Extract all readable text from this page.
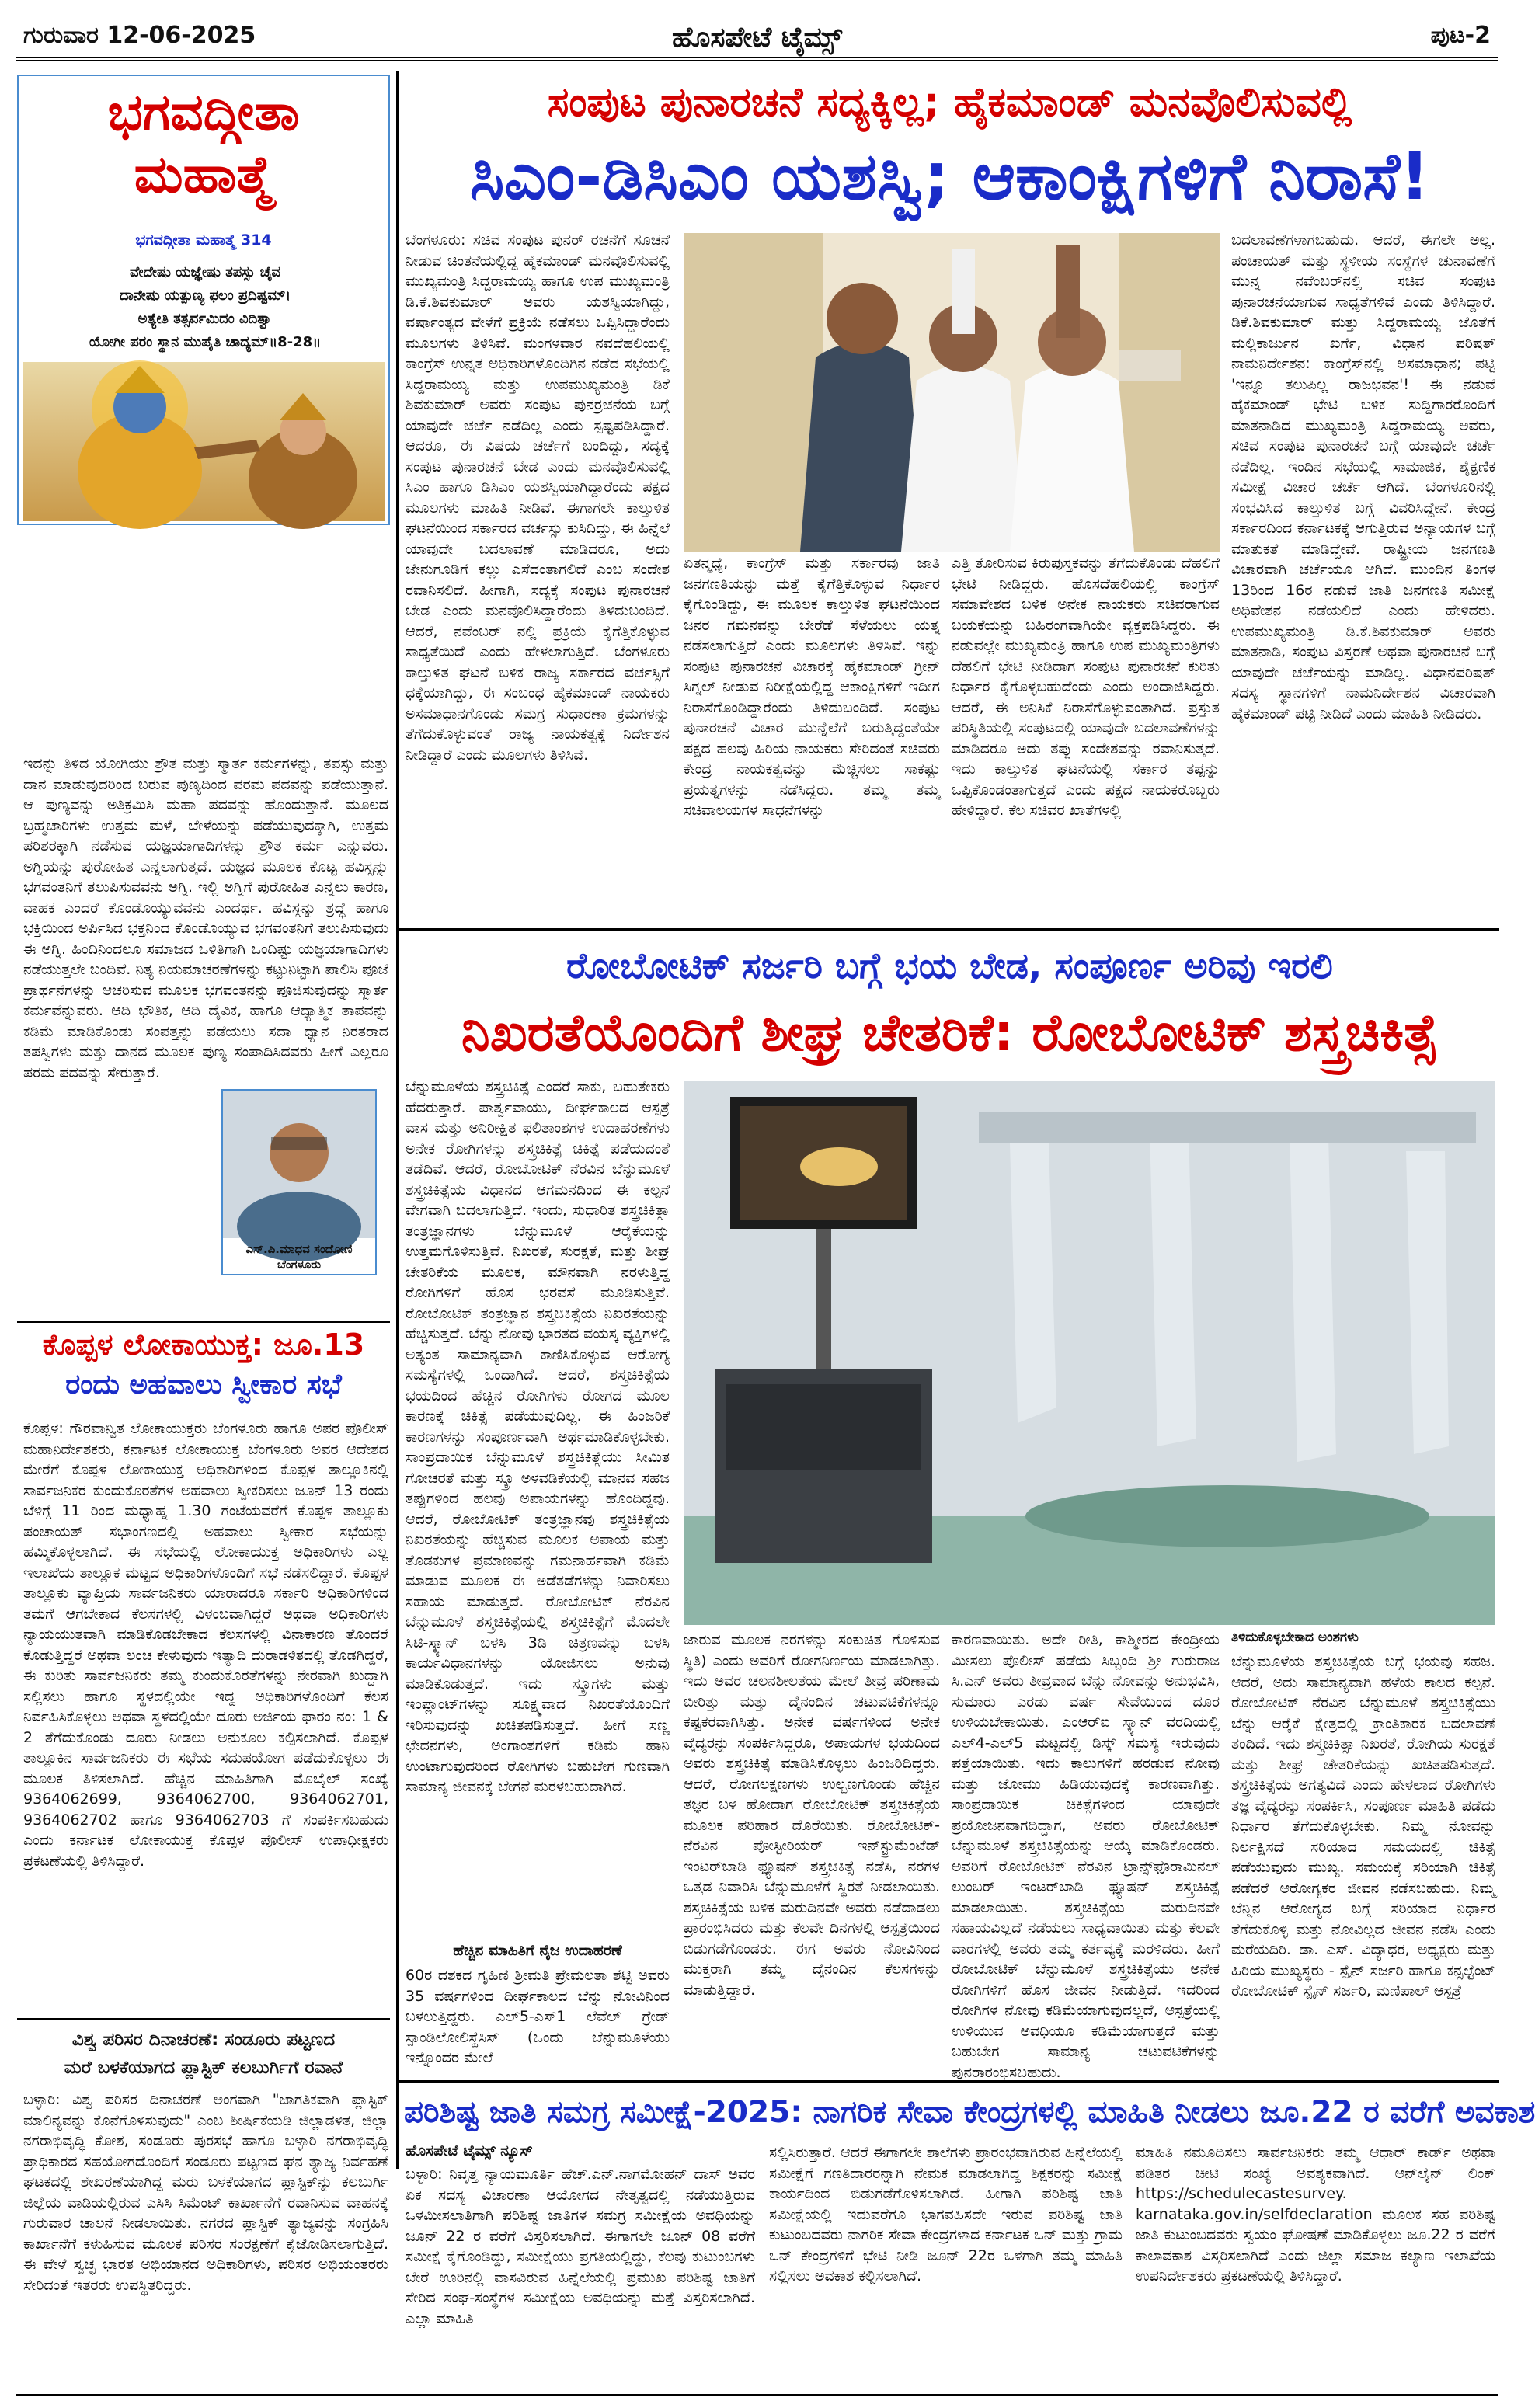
ಗುರುವಾರ 12-06-2025	ಹೊಸಪೇಟೆ ಟೈಮ್ಸ್	ಪುಟ-2
ಭಗವದ್ಗೀತಾ
ಮಹಾತ್ಮೆ
ಭಗವದ್ಗೀತಾ ಮಹಾತ್ಮೆ 314
ವೇದೇಷು ಯಜ್ಞೇಷು ತಪಸ್ಸು ಚೈವ
ದಾನೇಷು ಯತ್ಪುಣ್ಯ ಫಲಂ ಪ್ರದಿಷ್ಟಮ್।
ಅತ್ಯೇತಿ ತತ್ಸರ್ವಮಿದಂ ವಿದಿತ್ವಾ
ಯೋಗೀ ಪರಂ ಸ್ಥಾನ ಮುಪೈತಿ ಚಾದ್ಯಮ್॥8-28॥
ಇದನ್ನು ತಿಳಿದ ಯೋಗಿಯು ಶ್ರೌತ ಮತ್ತು ಸ್ಮಾರ್ತ ಕರ್ಮಗಳನ್ನು, ತಪಸ್ಸು ಮತ್ತು ದಾನ ಮಾಡುವುದರಿಂದ ಬರುವ ಪುಣ್ಯದಿಂದ ಪರಮ ಪದವನ್ನು ಪಡೆಯುತ್ತಾನೆ. ಆ ಪುಣ್ಯವನ್ನು ಅತಿಕ್ರಮಿಸಿ ಮಹಾ ಪದವನ್ನು ಹೊಂದುತ್ತಾನೆ. ಮೂಲದ ಬ್ರಹ್ಮಚಾರಿಗಳು ಉತ್ತಮ ಮಳೆ, ಬೇಳೆಯನ್ನು ಪಡೆಯುವುದಕ್ಕಾಗಿ, ಉತ್ತಮ ಪರಿಶರಕ್ಕಾಗಿ ನಡೆಸುವ ಯಜ್ಞಯಾಗಾದಿಗಳನ್ನು ಶ್ರೌತ ಕರ್ಮ ಎನ್ನುವರು. ಅಗ್ನಿಯನ್ನು ಪುರೋಹಿತ ಎನ್ನಲಾಗುತ್ತದೆ. ಯಜ್ಞದ ಮೂಲಕ ಕೊಟ್ಟ ಹವಿಸ್ಸನ್ನು ಭಗವಂತನಿಗೆ ತಲುಪಿಸುವವನು ಅಗ್ನಿ. ಇಲ್ಲಿ ಅಗ್ನಿಗೆ ಪುರೋಹಿತ ಎನ್ನಲು ಕಾರಣ, ವಾಹಕ ಎಂದರೆ ಕೊಂಡೊಯ್ಯುವವನು ಎಂದರ್ಥ. ಹವಿಸ್ಸನ್ನು ಶ್ರದ್ಧೆ ಹಾಗೂ ಭಕ್ತಿಯಿಂದ ಅರ್ಪಿಸಿದ ಭಕ್ತನಿಂದ ಕೊಂಡೊಯ್ಯುವ ಭಗವಂತನಿಗೆ ತಲುಪಿಸುವುದು ಈ ಅಗ್ನಿ. ಹಿಂದಿನಿಂದಲೂ ಸಮಾಜದ ಒಳಿತಿಗಾಗಿ ಒಂದಿಷ್ಟು ಯಜ್ಞಯಾಗಾದಿಗಳು ನಡೆಯುತ್ತಲೇ ಬಂದಿವೆ. ನಿತ್ಯ ನಿಯಮಾಚರಣೆಗಳನ್ನು ಕಟ್ಟುನಿಟ್ಟಾಗಿ ಪಾಲಿಸಿ ಪೂಜೆ ಪ್ರಾರ್ಥನೆಗಳನ್ನು ಆಚರಿಸುವ ಮೂಲಕ ಭಗವಂತನನ್ನು ಪೂಜಿಸುವುದನ್ನು ಸ್ಮಾರ್ತ ಕರ್ಮವೆನ್ನುವರು. ಆದಿ ಭೌತಿಕ, ಆದಿ ದೈವಿಕ, ಹಾಗೂ ಆಧ್ಯಾತ್ಮಿಕ ತಾಪವನ್ನು ಕಡಿಮೆ ಮಾಡಿಕೊಂಡು ಸಂಪತ್ತನ್ನು ಪಡೆಯಲು ಸದಾ ಧ್ಯಾನ ನಿರತರಾದ ತಪಸ್ವಿಗಳು ಮತ್ತು ದಾನದ ಮೂಲಕ ಪುಣ್ಯ ಸಂಪಾದಿಸಿದವರು ಹೀಗೆ ಎಲ್ಲರೂ ಪರಮ ಪದವನ್ನು ಸೇರುತ್ತಾರೆ.
ಎಸ್.ಪಿ.ಮಾಧವ ಸಂದೋಣಿ
ಬೆಂಗಳೂರು
ಕೊಪ್ಪಳ ಲೋಕಾಯುಕ್ತ: ಜೂ.13
ರಂದು ಅಹವಾಲು ಸ್ವೀಕಾರ ಸಭೆ
ಕೊಪ್ಪಳ: ಗೌರವಾನ್ವಿತ ಲೋಕಾಯುಕ್ತರು ಬೆಂಗಳೂರು ಹಾಗೂ ಅಪರ ಪೊಲೀಸ್ ಮಹಾನಿರ್ದೇಶಕರು, ಕರ್ನಾಟಕ ಲೋಕಾಯುಕ್ತ ಬೆಂಗಳೂರು ಅವರ ಆದೇಶದ ಮೇರೆಗೆ ಕೊಪ್ಪಳ ಲೋಕಾಯುಕ್ತ ಅಧಿಕಾರಿಗಳಿಂದ ಕೊಪ್ಪಳ ತಾಲ್ಲೂಕಿನಲ್ಲಿ ಸಾರ್ವಜನಿಕರ ಕುಂದುಕೊರತೆಗಳ ಅಹವಾಲು ಸ್ವೀಕರಿಸಲು ಜೂನ್ 13 ರಂದು ಬೆಳಿಗ್ಗೆ 11 ರಿಂದ ಮಧ್ಯಾಹ್ನ 1.30 ಗಂಟೆಯವರೆಗೆ ಕೊಪ್ಪಳ ತಾಲ್ಲೂಕು ಪಂಚಾಯತ್ ಸಭಾಂಗಣದಲ್ಲಿ ಅಹವಾಲು ಸ್ವೀಕಾರ ಸಭೆಯನ್ನು ಹಮ್ಮಿಕೊಳ್ಳಲಾಗಿದೆ. ಈ ಸಭೆಯಲ್ಲಿ ಲೋಕಾಯುಕ್ತ ಅಧಿಕಾರಿಗಳು ಎಲ್ಲ ಇಲಾಖೆಯ ತಾಲ್ಲೂಕ ಮಟ್ಟದ ಅಧಿಕಾರಿಗಳೊಂದಿಗೆ ಸಭೆ ನಡೆಸಲಿದ್ದಾರೆ. ಕೊಪ್ಪಳ ತಾಲ್ಲೂಕು ವ್ಯಾಪ್ತಿಯ ಸಾರ್ವಜನಿಕರು ಯಾರಾದರೂ ಸರ್ಕಾರಿ ಅಧಿಕಾರಿಗಳಿಂದ ತಮಗೆ ಆಗಬೇಕಾದ ಕೆಲಸಗಳಲ್ಲಿ ವಿಳಂಬವಾಗಿದ್ದರೆ ಅಥವಾ ಅಧಿಕಾರಿಗಳು ನ್ಯಾಯಯುತವಾಗಿ ಮಾಡಿಕೊಡಬೇಕಾದ ಕೆಲಸಗಳಲ್ಲಿ ವಿನಾಕಾರಣ ತೊಂದರೆ ಕೊಡುತ್ತಿದ್ದರೆ ಅಥವಾ ಲಂಚ ಕೇಳುವುದು ಇತ್ಯಾದಿ ದುರಾಡಳಿತದಲ್ಲಿ ತೊಡಗಿದ್ದರೆ, ಈ ಕುರಿತು ಸಾರ್ವಜನಿಕರು ತಮ್ಮ ಕುಂದುಕೊರತೆಗಳನ್ನು ನೇರವಾಗಿ ಖುದ್ದಾಗಿ ಸಲ್ಲಿಸಲು ಹಾಗೂ ಸ್ಥಳದಲ್ಲಿಯೇ ಇದ್ದ ಅಧಿಕಾರಿಗಳೊಂದಿಗೆ ಕೆಲಸ ನಿರ್ವಹಿಸಿಕೊಳ್ಳಲು ಅಥವಾ ಸ್ಥಳದಲ್ಲಿಯೇ ದೂರು ಅರ್ಜಿಯ ಫಾರಂ ನಂ: 1 & 2 ತೆಗೆದುಕೊಂಡು ದೂರು ನೀಡಲು ಅನುಕೂಲ ಕಲ್ಪಿಸಲಾಗಿದೆ. ಕೊಪ್ಪಳ ತಾಲ್ಲೂಕಿನ ಸಾರ್ವಜನಿಕರು ಈ ಸಭೆಯ ಸದುಪಯೋಗ ಪಡೆದುಕೊಳ್ಳಲು ಈ ಮೂಲಕ ತಿಳಿಸಲಾಗಿದೆ. ಹೆಚ್ಚಿನ ಮಾಹಿತಿಗಾಗಿ ಮೊಬೈಲ್ ಸಂಖ್ಯೆ 9364062699, 9364062700, 9364062701, 9364062702 ಹಾಗೂ 9364062703 ಗೆ ಸಂಪರ್ಕಿಸಬಹುದು ಎಂದು ಕರ್ನಾಟಕ ಲೋಕಾಯುಕ್ತ ಕೊಪ್ಪಳ ಪೊಲೀಸ್ ಉಪಾಧೀಕ್ಷಕರು ಪ್ರಕಟಣೆಯಲ್ಲಿ ತಿಳಿಸಿದ್ದಾರೆ.
ವಿಶ್ವ ಪರಿಸರ ದಿನಾಚರಣೆ: ಸಂಡೂರು ಪಟ್ಟಣದ
ಮರೆ ಬಳಕೆಯಾಗದ ಪ್ಲಾಸ್ಟಿಕ್ ಕಲಬುರ್ಗಿಗೆ ರವಾನೆ
ಬಳ್ಳಾರಿ: ವಿಶ್ವ ಪರಿಸರ ದಿನಾಚರಣೆ ಅಂಗವಾಗಿ "ಜಾಗತಿಕವಾಗಿ ಪ್ಲಾಸ್ಟಿಕ್ ಮಾಲಿನ್ಯವನ್ನು ಕೊನೆಗೊಳಿಸುವುದು" ಎಂಬ ಶೀರ್ಷಿಕೆಯಡಿ ಜಿಲ್ಲಾಡಳಿತ, ಜಿಲ್ಲಾ ನಗರಾಭಿವೃದ್ಧಿ ಕೋಶ, ಸಂಡೂರು ಪುರಸಭೆ ಹಾಗೂ ಬಳ್ಳಾರಿ ನಗರಾಭಿವೃದ್ಧಿ ಪ್ರಾಧಿಕಾರದ ಸಹಯೋಗದೊಂದಿಗೆ ಸಂಡೂರು ಪಟ್ಟಣದ ಘನ ತ್ಯಾಜ್ಯ ನಿರ್ವಹಣೆ ಘಟಕದಲ್ಲಿ ಶೇಖರಣೆಯಾಗಿದ್ದ ಮರು ಬಳಕೆಯಾಗದ ಪ್ಲಾಸ್ಟಿಕ್‌ನ್ನು ಕಲಬುರ್ಗಿ ಜಿಲ್ಲೆಯ ವಾಡಿಯಲ್ಲಿರುವ ಎಸಿಸಿ ಸಿಮೆಂಟ್ ಕಾರ್ಖಾನೆಗೆ ರವಾನಿಸುವ ವಾಹನಕ್ಕೆ ಗುರುವಾರ ಚಾಲನೆ ನೀಡಲಾಯಿತು. ನಗರದ ಪ್ಲಾಸ್ಟಿಕ್ ತ್ಯಾಜ್ಯವನ್ನು ಸಂಗ್ರಹಿಸಿ ಕಾರ್ಖಾನೆಗೆ ಕಳುಹಿಸುವ ಮೂಲಕ ಪರಿಸರ ಸಂರಕ್ಷಣೆಗೆ ಕೈಜೋಡಿಸಲಾಗುತ್ತಿದೆ. ಈ ವೇಳೆ ಸ್ವಚ್ಛ ಭಾರತ ಅಭಿಯಾನದ ಅಧಿಕಾರಿಗಳು, ಪರಿಸರ ಅಭಿಯಂತರರು ಸೇರಿದಂತೆ ಇತರರು ಉಪಸ್ಥಿತರಿದ್ದರು.
ಸಂಪುಟ ಪುನಾರಚನೆ ಸದ್ಯಕ್ಕಿಲ್ಲ; ಹೈಕಮಾಂಡ್ ಮನವೊಲಿಸುವಲ್ಲಿ
ಸಿಎಂ-ಡಿಸಿಎಂ ಯಶಸ್ವಿ; ಆಕಾಂಕ್ಷಿಗಳಿಗೆ ನಿರಾಸೆ!
ಬೆಂಗಳೂರು: ಸಚಿವ ಸಂಪುಟ ಪುನರ್ ರಚನೆಗೆ ಸೂಚನೆ ನೀಡುವ ಚಿಂತನೆಯಲ್ಲಿದ್ದ ಹೈಕಮಾಂಡ್ ಮನವೊಲಿಸುವಲ್ಲಿ ಮುಖ್ಯಮಂತ್ರಿ ಸಿದ್ದರಾಮಯ್ಯ ಹಾಗೂ ಉಪ ಮುಖ್ಯಮಂತ್ರಿ ಡಿ.ಕೆ.ಶಿವಕುಮಾರ್ ಅವರು ಯಶಸ್ವಿಯಾಗಿದ್ದು, ವರ್ಷಾಂತ್ಯದ ವೇಳೆಗೆ ಪ್ರಕ್ರಿಯೆ ನಡೆಸಲು ಒಪ್ಪಿಸಿದ್ದಾರೆಂದು ಮೂಲಗಳು ತಿಳಿಸಿವೆ. ಮಂಗಳವಾರ ನವದೆಹಲಿಯಲ್ಲಿ ಕಾಂಗ್ರೆಸ್ ಉನ್ನತ ಅಧಿಕಾರಿಗಳೊಂದಿಗಿನ ನಡೆದ ಸಭೆಯಲ್ಲಿ ಸಿದ್ದರಾಮಯ್ಯ ಮತ್ತು ಉಪಮುಖ್ಯಮಂತ್ರಿ ಡಿಕೆ ಶಿವಕುಮಾರ್ ಅವರು ಸಂಪುಟ ಪುನರ್ರಚನೆಯ ಬಗ್ಗೆ ಯಾವುದೇ ಚರ್ಚೆ ನಡೆದಿಲ್ಲ ಎಂದು ಸ್ಪಷ್ಟಪಡಿಸಿದ್ದಾರೆ. ಆದರೂ, ಈ ವಿಷಯ ಚರ್ಚೆಗೆ ಬಂದಿದ್ದು, ಸದ್ಯಕ್ಕೆ ಸಂಪುಟ ಪುನಾರಚನೆ ಬೇಡ ಎಂದು ಮನವೊಲಿಸುವಲ್ಲಿ ಸಿಎಂ ಹಾಗೂ ಡಿಸಿಎಂ ಯಶಸ್ವಿಯಾಗಿದ್ದಾರೆಂದು ಪಕ್ಷದ ಮೂಲಗಳು ಮಾಹಿತಿ ನೀಡಿವೆ. ಈಗಾಗಲೇ ಕಾಲ್ತುಳಿತ ಘಟನೆಯಿಂದ ಸರ್ಕಾರದ ವರ್ಚಸ್ಸು ಕುಸಿದಿದ್ದು, ಈ ಹಿನ್ನೆಲೆ ಯಾವುದೇ ಬದಲಾವಣೆ ಮಾಡಿದರೂ, ಅದು ಜೇನುಗೂಡಿಗೆ ಕಲ್ಲು ಎಸೆದಂತಾಗಲಿದೆ ಎಂಬ ಸಂದೇಶ ರವಾನಿಸಲಿದೆ. ಹೀಗಾಗಿ, ಸದ್ಯಕ್ಕೆ ಸಂಪುಟ ಪುನಾರಚನೆ ಬೇಡ ಎಂದು ಮನವೊಲಿಸಿದ್ದಾರೆಂದು ತಿಳಿದುಬಂದಿದೆ. ಆದರೆ, ನವೆಂಬರ್ ನಲ್ಲಿ ಪ್ರಕ್ರಿಯೆ ಕೈಗೆತ್ತಿಕೊಳ್ಳುವ ಸಾಧ್ಯತೆಯಿದೆ ಎಂದು ಹೇಳಲಾಗುತ್ತಿದೆ. ಬೆಂಗಳೂರು ಕಾಲ್ತುಳಿತ ಘಟನೆ ಬಳಿಕ ರಾಜ್ಯ ಸರ್ಕಾರದ ವರ್ಚಸ್ಸಿಗೆ ಧಕ್ಕೆಯಾಗಿದ್ದು, ಈ ಸಂಬಂಧ ಹೈಕಮಾಂಡ್ ನಾಯಕರು ಅಸಮಾಧಾನಗೊಂಡು ಸಮಗ್ರ ಸುಧಾರಣಾ ಕ್ರಮಗಳನ್ನು ತೆಗೆದುಕೊಳ್ಳುವಂತೆ ರಾಜ್ಯ ನಾಯಕತ್ವಕ್ಕೆ ನಿರ್ದೇಶನ ನೀಡಿದ್ದಾರೆ ಎಂದು ಮೂಲಗಳು ತಿಳಿಸಿವೆ.
ಬದಲಾವಣೆಗಳಾಗಬಹುದು. ಆದರೆ, ಈಗಲೇ ಅಲ್ಲ. ಪಂಚಾಯತ್ ಮತ್ತು ಸ್ಥಳೀಯ ಸಂಸ್ಥೆಗಳ ಚುನಾವಣೆಗೆ ಮುನ್ನ ನವೆಂಬರ್‌ನಲ್ಲಿ ಸಚಿವ ಸಂಪುಟ ಪುನಾರಚನೆಯಾಗುವ ಸಾಧ್ಯತೆಗಳಿವೆ ಎಂದು ತಿಳಿಸಿದ್ದಾರೆ. ಡಿಕೆ.ಶಿವಕುಮಾರ್ ಮತ್ತು ಸಿದ್ದರಾಮಯ್ಯ ಜೊತೆಗೆ ಮಲ್ಲಿಕಾರ್ಜುನ ಖರ್ಗೆ, ವಿಧಾನ ಪರಿಷತ್ ನಾಮನಿರ್ದೇಶನ: ಕಾಂಗ್ರೆಸ್‌ನಲ್ಲಿ ಅಸಮಾಧಾನ; ಪಟ್ಟಿ 'ಇನ್ನೂ ತಲುಪಿಲ್ಲ ರಾಜಭವನ'! ಈ ನಡುವೆ ಹೈಕಮಾಂಡ್ ಭೇಟಿ ಬಳಿಕ ಸುದ್ದಿಗಾರರೊಂದಿಗೆ ಮಾತನಾಡಿದ ಮುಖ್ಯಮಂತ್ರಿ ಸಿದ್ದರಾಮಯ್ಯ ಅವರು, ಸಚಿವ ಸಂಪುಟ ಪುನಾರಚನೆ ಬಗ್ಗೆ ಯಾವುದೇ ಚರ್ಚೆ ನಡೆದಿಲ್ಲ. ಇಂದಿನ ಸಭೆಯಲ್ಲಿ ಸಾಮಾಜಿಕ, ಶೈಕ್ಷಣಿಕ ಸಮೀಕ್ಷೆ ವಿಚಾರ ಚರ್ಚೆ ಆಗಿದೆ. ಬೆಂಗಳೂರಿನಲ್ಲಿ ಸಂಭವಿಸಿದ ಕಾಲ್ತುಳಿತ ಬಗ್ಗೆ ವಿವರಿಸಿದ್ದೇನೆ. ಕೇಂದ್ರ ಸರ್ಕಾರದಿಂದ ಕರ್ನಾಟಕಕ್ಕೆ ಆಗುತ್ತಿರುವ ಅನ್ಯಾಯಗಳ ಬಗ್ಗೆ ಮಾತುಕತೆ ಮಾಡಿದ್ದೇವೆ. ರಾಷ್ಟ್ರೀಯ ಜನಗಣತಿ ವಿಚಾರವಾಗಿ ಚರ್ಚೆಯೂ ಆಗಿದೆ. ಮುಂದಿನ ತಿಂಗಳ 13ರಿಂದ 16ರ ನಡುವೆ ಜಾತಿ ಜನಗಣತಿ ಸಮೀಕ್ಷೆ ಅಧಿವೇಶನ ನಡೆಯಲಿದೆ ಎಂದು ಹೇಳಿದರು. ಉಪಮುಖ್ಯಮಂತ್ರಿ ಡಿ.ಕೆ.ಶಿವಕುಮಾರ್ ಅವರು ಮಾತನಾಡಿ, ಸಂಪುಟ ವಿಸ್ತರಣೆ ಅಥವಾ ಪುನಾರಚನೆ ಬಗ್ಗೆ ಯಾವುದೇ ಚರ್ಚೆಯನ್ನು ಮಾಡಿಲ್ಲ. ವಿಧಾನಪರಿಷತ್ ಸದಸ್ಯ ಸ್ಥಾನಗಳಿಗೆ ನಾಮನಿರ್ದೇಶನ ವಿಚಾರವಾಗಿ ಹೈಕಮಾಂಡ್ ಪಟ್ಟಿ ನೀಡಿದೆ ಎಂದು ಮಾಹಿತಿ ನೀಡಿದರು.
ಏತನ್ಮಧ್ಯೆ, ಕಾಂಗ್ರೆಸ್ ಮತ್ತು ಸರ್ಕಾರವು ಜಾತಿ ಜನಗಣತಿಯನ್ನು ಮತ್ತೆ ಕೈಗೆತ್ತಿಕೊಳ್ಳುವ ನಿರ್ಧಾರ ಕೈಗೊಂಡಿದ್ದು, ಈ ಮೂಲಕ ಕಾಲ್ತುಳಿತ ಘಟನೆಯಿಂದ ಜನರ ಗಮನವನ್ನು ಬೇರೆಡೆ ಸೆಳೆಯಲು ಯತ್ನ ನಡೆಸಲಾಗುತ್ತಿದೆ ಎಂದು ಮೂಲಗಳು ತಿಳಿಸಿವೆ. ಇನ್ನು ಸಂಪುಟ ಪುನಾರಚನೆ ವಿಚಾರಕ್ಕೆ ಹೈಕಮಾಂಡ್ ಗ್ರೀನ್ ಸಿಗ್ನಲ್ ನೀಡುವ ನಿರೀಕ್ಷೆಯಲ್ಲಿದ್ದ ಆಕಾಂಕ್ಷಿಗಳಿಗೆ ಇದೀಗ ನಿರಾಸೆಗೊಂಡಿದ್ದಾರೆಂದು ತಿಳಿದುಬಂದಿದೆ. ಸಂಪುಟ ಪುನಾರಚನೆ ವಿಚಾರ ಮುನ್ನೆಲೆಗೆ ಬರುತ್ತಿದ್ದಂತೆಯೇ ಪಕ್ಷದ ಹಲವು ಹಿರಿಯ ನಾಯಕರು ಸೇರಿದಂತೆ ಸಚಿವರು ಕೇಂದ್ರ ನಾಯಕತ್ವವನ್ನು ಮೆಚ್ಚಿಸಲು ಸಾಕಷ್ಟು ಪ್ರಯತ್ನಗಳನ್ನು ನಡೆಸಿದ್ದರು. ತಮ್ಮ ತಮ್ಮ ಸಚಿವಾಲಯಗಳ ಸಾಧನೆಗಳನ್ನು
ಎತ್ತಿ ತೋರಿಸುವ ಕಿರುಪುಸ್ತಕವನ್ನು ತೆಗೆದುಕೊಂಡು ದೆಹಲಿಗೆ ಭೇಟಿ ನೀಡಿದ್ದರು. ಹೊಸದೆಹಲಿಯಲ್ಲಿ ಕಾಂಗ್ರೆಸ್ ಸಮಾವೇಶದ ಬಳಿಕ ಅನೇಕ ನಾಯಕರು ಸಚಿವರಾಗುವ ಬಯಕೆಯನ್ನು ಬಹಿರಂಗವಾಗಿಯೇ ವ್ಯಕ್ತಪಡಿಸಿದ್ದರು. ಈ ನಡುವಲ್ಲೇ ಮುಖ್ಯಮಂತ್ರಿ ಹಾಗೂ ಉಪ ಮುಖ್ಯಮಂತ್ರಿಗಳು ದೆಹಲಿಗೆ ಭೇಟಿ ನೀಡಿದಾಗ ಸಂಪುಟ ಪುನಾರಚನೆ ಕುರಿತು ನಿರ್ಧಾರ ಕೈಗೊಳ್ಳಬಹುದೆಂದು ಎಂದು ಅಂದಾಜಿಸಿದ್ದರು. ಆದರೆ, ಈ ಅನಿಸಿಕೆ ನಿರಾಸೆಗೊಳ್ಳುವಂತಾಗಿದೆ. ಪ್ರಸ್ತುತ ಪರಿಸ್ಥಿತಿಯಲ್ಲಿ ಸಂಪುಟದಲ್ಲಿ ಯಾವುದೇ ಬದಲಾವಣೆಗಳನ್ನು ಮಾಡಿದರೂ ಅದು ತಪ್ಪು ಸಂದೇಶವನ್ನು ರವಾನಿಸುತ್ತದೆ. ಇದು ಕಾಲ್ತುಳಿತ ಘಟನೆಯಲ್ಲಿ ಸರ್ಕಾರ ತಪ್ಪನ್ನು ಒಪ್ಪಿಕೊಂಡಂತಾಗುತ್ತದೆ ಎಂದು ಪಕ್ಷದ ನಾಯಕರೊಬ್ಬರು ಹೇಳಿದ್ದಾರೆ. ಕೆಲ ಸಚಿವರ ಖಾತೆಗಳಲ್ಲಿ
ರೋಬೋಟಿಕ್ ಸರ್ಜರಿ ಬಗ್ಗೆ ಭಯ ಬೇಡ, ಸಂಪೂರ್ಣ ಅರಿವು ಇರಲಿ
ನಿಖರತೆಯೊಂದಿಗೆ ಶೀಘ್ರ ಚೇತರಿಕೆ: ರೋಬೋಟಿಕ್ ಶಸ್ತ್ರಚಿಕಿತ್ಸೆ
ಬೆನ್ನುಮೂಳೆಯ ಶಸ್ತ್ರಚಿಕಿತ್ಸೆ ಎಂದರೆ ಸಾಕು, ಬಹುತೇಕರು ಹೆದರುತ್ತಾರೆ. ಪಾರ್ಶ್ವವಾಯು, ದೀರ್ಘಕಾಲದ ಆಸ್ಪತ್ರೆ ವಾಸ ಮತ್ತು ಅನಿರೀಕ್ಷಿತ ಫಲಿತಾಂಶಗಳ ಉದಾಹರಣೆಗಳು ಅನೇಕ ರೋಗಿಗಳನ್ನು ಶಸ್ತ್ರಚಿಕಿತ್ಸೆ ಚಿಕಿತ್ಸೆ ಪಡೆಯದಂತೆ ತಡೆದಿವೆ. ಆದರೆ, ರೋಬೋಟಿಕ್ ನೆರವಿನ ಬೆನ್ನುಮೂಳೆ ಶಸ್ತ್ರಚಿಕಿತ್ಸೆಯ ವಿಧಾನದ ಆಗಮನದಿಂದ ಈ ಕಲ್ಪನೆ ವೇಗವಾಗಿ ಬದಲಾಗುತ್ತಿದೆ. ಇಂದು, ಸುಧಾರಿತ ಶಸ್ತ್ರಚಿಕಿತ್ಸಾ ತಂತ್ರಜ್ಞಾನಗಳು ಬೆನ್ನುಮೂಳೆ ಆರೈಕೆಯನ್ನು ಉತ್ತಮಗೊಳಿಸುತ್ತಿವೆ. ನಿಖರತೆ, ಸುರಕ್ಷತೆ, ಮತ್ತು ಶೀಘ್ರ ಚೇತರಿಕೆಯ ಮೂಲಕ, ಮೌನವಾಗಿ ನರಳುತ್ತಿದ್ದ ರೋಗಿಗಳಿಗೆ ಹೊಸ ಭರವಸೆ ಮೂಡಿಸುತ್ತಿವೆ. ರೋಬೋಟಿಕ್ ತಂತ್ರಜ್ಞಾನ ಶಸ್ತ್ರಚಿಕಿತ್ಸೆಯ ನಿಖರತೆಯನ್ನು ಹೆಚ್ಚಿಸುತ್ತದೆ. ಬೆನ್ನು ನೋವು ಭಾರತದ ವಯಸ್ಕ ವ್ಯಕ್ತಿಗಳಲ್ಲಿ ಅತ್ಯಂತ ಸಾಮಾನ್ಯವಾಗಿ ಕಾಣಿಸಿಕೊಳ್ಳುವ ಆರೋಗ್ಯ ಸಮಸ್ಯೆಗಳಲ್ಲಿ ಒಂದಾಗಿದೆ. ಆದರೆ, ಶಸ್ತ್ರಚಿಕಿತ್ಸೆಯ ಭಯದಿಂದ ಹೆಚ್ಚಿನ ರೋಗಿಗಳು ರೋಗದ ಮೂಲ ಕಾರಣಕ್ಕೆ ಚಿಕಿತ್ಸೆ ಪಡೆಯುವುದಿಲ್ಲ. ಈ ಹಿಂಜರಿಕೆ ಕಾರಣಗಳನ್ನು ಸಂಪೂರ್ಣವಾಗಿ ಅರ್ಥಮಾಡಿಕೊಳ್ಳಬೇಕು. ಸಾಂಪ್ರದಾಯಿಕ ಬೆನ್ನುಮೂಳೆ ಶಸ್ತ್ರಚಿಕಿತ್ಸೆಯು ಸೀಮಿತ ಗೋಚರತೆ ಮತ್ತು ಸ್ಕ್ರೂ ಅಳವಡಿಕೆಯಲ್ಲಿ ಮಾನವ ಸಹಜ ತಪ್ಪುಗಳಿಂದ ಹಲವು ಅಪಾಯಗಳನ್ನು ಹೊಂದಿದ್ದವು. ಆದರೆ, ರೋಬೋಟಿಕ್ ತಂತ್ರಜ್ಞಾನವು ಶಸ್ತ್ರಚಿಕಿತ್ಸೆಯ ನಿಖರತೆಯನ್ನು ಹೆಚ್ಚಿಸುವ ಮೂಲಕ ಅಪಾಯ ಮತ್ತು ತೊಡಕುಗಳ ಪ್ರಮಾಣವನ್ನು ಗಮನಾರ್ಹವಾಗಿ ಕಡಿಮೆ ಮಾಡುವ ಮೂಲಕ ಈ ಅಡೆತಡೆಗಳನ್ನು ನಿವಾರಿಸಲು ಸಹಾಯ ಮಾಡುತ್ತದೆ. ರೋಬೋಟಿಕ್ ನೆರವಿನ ಬೆನ್ನುಮೂಳೆ ಶಸ್ತ್ರಚಿಕಿತ್ಸೆಯಲ್ಲಿ ಶಸ್ತ್ರಚಿಕಿತ್ಸೆಗೆ ಮೊದಲೇ ಸಿಟಿ-ಸ್ಕ್ಯಾನ್ ಬಳಸಿ 3ಡಿ ಚಿತ್ರಣವನ್ನು ಬಳಸಿ ಕಾರ್ಯವಿಧಾನಗಳನ್ನು ಯೋಜಿಸಲು ಅನುವು ಮಾಡಿಕೊಡುತ್ತದೆ. ಇದು ಸ್ಕ್ರೂಗಳು ಮತ್ತು ಇಂಪ್ಲಾಂಟ್‌ಗಳನ್ನು ಸೂಕ್ಷ್ಮವಾದ ನಿಖರತೆಯೊಂದಿಗೆ ಇರಿಸುವುದನ್ನು ಖಚಿತಪಡಿಸುತ್ತದೆ. ಹೀಗೆ ಸಣ್ಣ ಛೇದನಗಳು, ಅಂಗಾಂಶಗಳಿಗೆ ಕಡಿಮೆ ಹಾನಿ ಉಂಟಾಗುವುದರಿಂದ ರೋಗಿಗಳು ಬಹುಬೇಗ ಗುಣವಾಗಿ ಸಾಮಾನ್ಯ ಜೀವನಕ್ಕೆ ಬೇಗನೆ ಮರಳಬಹುದಾಗಿದೆ.
ಹೆಚ್ಚಿನ ಮಾಹಿತಿಗೆ ನೈಜ ಉದಾಹರಣೆ
60ರ ದಶಕದ ಗೃಹಿಣಿ ಶ್ರೀಮತಿ ಪ್ರೇಮಲತಾ ಶೆಟ್ಟಿ ಅವರು 35 ವರ್ಷಗಳಿಂದ ದೀರ್ಘಕಾಲದ ಬೆನ್ನು ನೋವಿನಿಂದ ಬಳಲುತ್ತಿದ್ದರು. ಎಲ್5-ಎಸ್1 ಲೆವೆಲ್ ಗ್ರೇಡ್ ಸ್ಪಾಂಡಿಲೋಲಿಸ್ಥೆಸಿಸ್ (ಒಂದು ಬೆನ್ನುಮೂಳೆಯು ಇನ್ನೊಂದರ ಮೇಲೆ
ಜಾರುವ ಮೂಲಕ ನರಗಳನ್ನು ಸಂಕುಚಿತ ಗೊಳಿಸುವ ಸ್ಥಿತಿ) ಎಂದು ಅವರಿಗೆ ರೋಗನಿರ್ಣಯ ಮಾಡಲಾಗಿತ್ತು. ಇದು ಅವರ ಚಲನಶೀಲತೆಯ ಮೇಲೆ ತೀವ್ರ ಪರಿಣಾಮ ಬೀರಿತ್ತು ಮತ್ತು ದೈನಂದಿನ ಚಟುವಟಿಕೆಗಳನ್ನೂ ಕಷ್ಟಕರವಾಗಿಸಿತ್ತು. ಅನೇಕ ವರ್ಷಗಳಿಂದ ಅನೇಕ ವೈದ್ಯರನ್ನು ಸಂಪರ್ಕಿಸಿದ್ದರೂ, ಅಪಾಯಗಳ ಭಯದಿಂದ ಅವರು ಶಸ್ತ್ರಚಿಕಿತ್ಸೆ ಮಾಡಿಸಿಕೊಳ್ಳಲು ಹಿಂಜರಿದಿದ್ದರು. ಆದರೆ, ರೋಗಲಕ್ಷಣಗಳು ಉಲ್ಬಣಗೊಂಡು ಹೆಚ್ಚಿನ ತಜ್ಞರ ಬಳಿ ಹೋದಾಗ ರೋಬೋಟಿಕ್ ಶಸ್ತ್ರಚಿಕಿತ್ಸೆಯ ಮೂಲಕ ಪರಿಹಾರ ದೊರೆಯಿತು. ರೋಬೋಟಿಕ್-ನೆರವಿನ ಪೋಸ್ಟೀರಿಯರ್ ಇನ್‌ಸ್ಟ್ರುಮೆಂಟೆಡ್ ಇಂಟರ್‌ಬಾಡಿ ಫ್ಯೂಷನ್ ಶಸ್ತ್ರಚಿಕಿತ್ಸೆ ನಡೆಸಿ, ನರಗಳ ಒತ್ತಡ ನಿವಾರಿಸಿ ಬೆನ್ನುಮೂಳೆಗೆ ಸ್ಥಿರತೆ ನೀಡಲಾಯಿತು. ಶಸ್ತ್ರಚಿಕಿತ್ಸೆಯ ಬಳಿಕ ಮರುದಿನವೇ ಅವರು ನಡೆದಾಡಲು ಪ್ರಾರಂಭಿಸಿದರು ಮತ್ತು ಕೆಲವೇ ದಿನಗಳಲ್ಲಿ ಆಸ್ಪತ್ರೆಯಿಂದ ಬಿಡುಗಡೆಗೊಂಡರು. ಈಗ ಅವರು ನೋವಿನಿಂದ ಮುಕ್ತರಾಗಿ ತಮ್ಮ ದೈನಂದಿನ ಕೆಲಸಗಳನ್ನು ಮಾಡುತ್ತಿದ್ದಾರೆ.
ಕಾರಣವಾಯಿತು. ಅದೇ ರೀತಿ, ಕಾಶ್ಮೀರದ ಕೇಂದ್ರೀಯ ಮೀಸಲು ಪೊಲೀಸ್ ಪಡೆಯ ಸಿಬ್ಬಂದಿ ಶ್ರೀ ಗುರುರಾಜ ಸಿ.ಎನ್ ಅವರು ತೀವ್ರವಾದ ಬೆನ್ನು ನೋವನ್ನು ಅನುಭವಿಸಿ, ಸುಮಾರು ಎರಡು ವರ್ಷ ಸೇವೆಯಿಂದ ದೂರ ಉಳಿಯಬೇಕಾಯಿತು. ಎಂಆರ್‌ಐ ಸ್ಕ್ಯಾನ್ ವರದಿಯಲ್ಲಿ ಎಲ್4-ಎಲ್5 ಮಟ್ಟದಲ್ಲಿ ಡಿಸ್ಕ್ ಸಮಸ್ಯೆ ಇರುವುದು ಪತ್ತೆಯಾಯಿತು. ಇದು ಕಾಲುಗಳಿಗೆ ಹರಡುವ ನೋವು ಮತ್ತು ಜೋಮು ಹಿಡಿಯುವುದಕ್ಕೆ ಕಾರಣವಾಗಿತ್ತು. ಸಾಂಪ್ರದಾಯಿಕ ಚಿಕಿತ್ಸೆಗಳಿಂದ ಯಾವುದೇ ಪ್ರಯೋಜನವಾಗದಿದ್ದಾಗ, ಅವರು ರೋಬೋಟಿಕ್ ಬೆನ್ನುಮೂಳೆ ಶಸ್ತ್ರಚಿಕಿತ್ಸೆಯನ್ನು ಆಯ್ಕೆ ಮಾಡಿಕೊಂಡರು. ಅವರಿಗೆ ರೋಬೋಟಿಕ್ ನೆರವಿನ ಟ್ರಾನ್ಸ್‌ಫೊರಾಮಿನಲ್ ಲುಂಬರ್ ಇಂಟರ್‌ಬಾಡಿ ಫ್ಯೂಷನ್ ಶಸ್ತ್ರಚಿಕಿತ್ಸೆ ಮಾಡಲಾಯಿತು. ಶಸ್ತ್ರಚಿಕಿತ್ಸೆಯ ಮರುದಿನವೇ ಸಹಾಯವಿಲ್ಲದೆ ನಡೆಯಲು ಸಾಧ್ಯವಾಯಿತು ಮತ್ತು ಕೆಲವೇ ವಾರಗಳಲ್ಲಿ ಅವರು ತಮ್ಮ ಕರ್ತವ್ಯಕ್ಕೆ ಮರಳಿದರು. ಹೀಗೆ ರೋಬೋಟಿಕ್ ಬೆನ್ನುಮೂಳೆ ಶಸ್ತ್ರಚಿಕಿತ್ಸೆಯು ಅನೇಕ ರೋಗಿಗಳಿಗೆ ಹೊಸ ಜೀವನ ನೀಡುತ್ತಿದೆ. ಇದರಿಂದ ರೋಗಿಗಳ ನೋವು ಕಡಿಮೆಯಾಗುವುದಲ್ಲದೆ, ಆಸ್ಪತ್ರೆಯಲ್ಲಿ ಉಳಿಯುವ ಅವಧಿಯೂ ಕಡಿಮೆಯಾಗುತ್ತದೆ ಮತ್ತು ಬಹುಬೇಗ ಸಾಮಾನ್ಯ ಚಟುವಟಿಕೆಗಳನ್ನು ಪುನರಾರಂಭಿಸಬಹುದು.
ತಿಳಿದುಕೊಳ್ಳಬೇಕಾದ ಅಂಶಗಳು
ಬೆನ್ನುಮೂಳೆಯ ಶಸ್ತ್ರಚಿಕಿತ್ಸೆಯ ಬಗ್ಗೆ ಭಯವು ಸಹಜ. ಆದರೆ, ಅದು ಸಾಮಾನ್ಯವಾಗಿ ಹಳೆಯ ಕಾಲದ ಕಲ್ಪನೆ. ರೋಬೋಟಿಕ್ ನೆರವಿನ ಬೆನ್ನುಮೂಳೆ ಶಸ್ತ್ರಚಿಕಿತ್ಸೆಯು ಬೆನ್ನು ಆರೈಕೆ ಕ್ಷೇತ್ರದಲ್ಲಿ ಕ್ರಾಂತಿಕಾರಕ ಬದಲಾವಣೆ ತಂದಿದೆ. ಇದು ಶಸ್ತ್ರಚಿಕಿತ್ಸಾ ನಿಖರತೆ, ರೋಗಿಯ ಸುರಕ್ಷತೆ ಮತ್ತು ಶೀಘ್ರ ಚೇತರಿಕೆಯನ್ನು ಖಚಿತಪಡಿಸುತ್ತದೆ. ಶಸ್ತ್ರಚಿಕಿತ್ಸೆಯ ಅಗತ್ಯವಿದೆ ಎಂದು ಹೇಳಲಾದ ರೋಗಿಗಳು ತಜ್ಞ ವೈದ್ಯರನ್ನು ಸಂಪರ್ಕಿಸಿ, ಸಂಪೂರ್ಣ ಮಾಹಿತಿ ಪಡೆದು ನಿರ್ಧಾರ ತೆಗೆದುಕೊಳ್ಳಬೇಕು. ನಿಮ್ಮ ನೋವನ್ನು ನಿರ್ಲಕ್ಷಿಸದೆ ಸರಿಯಾದ ಸಮಯದಲ್ಲಿ ಚಿಕಿತ್ಸೆ ಪಡೆಯುವುದು ಮುಖ್ಯ. ಸಮಯಕ್ಕೆ ಸರಿಯಾಗಿ ಚಿಕಿತ್ಸೆ ಪಡೆದರೆ ಆರೋಗ್ಯಕರ ಜೀವನ ನಡೆಸಬಹುದು. ನಿಮ್ಮ ಬೆನ್ನಿನ ಆರೋಗ್ಯದ ಬಗ್ಗೆ ಸರಿಯಾದ ನಿರ್ಧಾರ ತೆಗೆದುಕೊಳ್ಳಿ ಮತ್ತು ನೋವಿಲ್ಲದ ಜೀವನ ನಡೆಸಿ ಎಂದು ಮರೆಯದಿರಿ. ಡಾ. ಎಸ್. ವಿದ್ಯಾಧರ, ಅಧ್ಯಕ್ಷರು ಮತ್ತು ಹಿರಿಯ ಮುಖ್ಯಸ್ಥರು - ಸ್ಪೈನ್ ಸರ್ಜರಿ ಹಾಗೂ ಕನ್ಸಲ್ಟೆಂಟ್ ರೋಬೋಟಿಕ್ ಸ್ಪೈನ್ ಸರ್ಜರಿ, ಮಣಿಪಾಲ್ ಆಸ್ಪತ್ರೆ
ಪರಿಶಿಷ್ಟ ಜಾತಿ ಸಮಗ್ರ ಸಮೀಕ್ಷೆ-2025: ನಾಗರಿಕ ಸೇವಾ ಕೇಂದ್ರಗಳಲ್ಲಿ ಮಾಹಿತಿ ನೀಡಲು ಜೂ.22 ರ ವರೆಗೆ ಅವಕಾಶ
ಹೊಸಪೇಟೆ ಟೈಮ್ಸ್ ನ್ಯೂಸ್
ಬಳ್ಳಾರಿ: ನಿವೃತ್ತ ನ್ಯಾಯಮೂರ್ತಿ ಹೆಚ್.ಎನ್.ನಾಗಮೋಹನ್ ದಾಸ್ ಅವರ ಏಕ ಸದಸ್ಯ ವಿಚಾರಣಾ ಆಯೋಗದ ನೇತೃತ್ವದಲ್ಲಿ ನಡೆಯುತ್ತಿರುವ ಒಳಮೀಸಲಾತಿಗಾಗಿ ಪರಿಶಿಷ್ಟ ಜಾತಿಗಳ ಸಮಗ್ರ ಸಮೀಕ್ಷೆಯ ಅವಧಿಯನ್ನು ಜೂನ್ 22 ರ ವರೆಗೆ ವಿಸ್ತರಿಸಲಾಗಿದೆ. ಈಗಾಗಲೇ ಜೂನ್ 08 ವರೆಗೆ ಸಮೀಕ್ಷೆ ಕೈಗೊಂಡಿದ್ದು, ಸಮೀಕ್ಷೆಯು ಪ್ರಗತಿಯಲ್ಲಿದ್ದು, ಕೆಲವು ಕುಟುಂಬಗಳು ಬೇರೆ ಊರಿನಲ್ಲಿ ವಾಸವಿರುವ ಹಿನ್ನೆಲೆಯಲ್ಲಿ ಪ್ರಮುಖ ಪರಿಶಿಷ್ಟ ಜಾತಿಗೆ ಸೇರಿದ ಸಂಘ-ಸಂಸ್ಥೆಗಳ ಸಮೀಕ್ಷೆಯ ಅವಧಿಯನ್ನು ಮತ್ತೆ ವಿಸ್ತರಿಸಲಾಗಿದೆ. ಎಲ್ಲಾ ಮಾಹಿತಿ
ಸಲ್ಲಿಸಿರುತ್ತಾರೆ. ಆದರೆ ಈಗಾಗಲೇ ಶಾಲೆಗಳು ಪ್ರಾರಂಭವಾಗಿರುವ ಹಿನ್ನೆಲೆಯಲ್ಲಿ ಸಮೀಕ್ಷೆಗೆ ಗಣತಿದಾರರನ್ನಾಗಿ ನೇಮಕ ಮಾಡಲಾಗಿದ್ದ ಶಿಕ್ಷಕರನ್ನು ಸಮೀಕ್ಷೆ ಕಾರ್ಯದಿಂದ ಬಿಡುಗಡೆಗೊಳಿಸಲಾಗಿದೆ. ಹೀಗಾಗಿ ಪರಿಶಿಷ್ಟ ಜಾತಿ ಸಮೀಕ್ಷೆಯಲ್ಲಿ ಇದುವರೆಗೂ ಭಾಗವಹಿಸದೇ ಇರುವ ಪರಿಶಿಷ್ಟ ಜಾತಿ ಕುಟುಂಬದವರು ನಾಗರಿಕ ಸೇವಾ ಕೇಂದ್ರಗಳಾದ ಕರ್ನಾಟಕ ಒನ್ ಮತ್ತು ಗ್ರಾಮ ಒನ್ ಕೇಂದ್ರಗಳಿಗೆ ಭೇಟಿ ನೀಡಿ ಜೂನ್ 22ರ ಒಳಗಾಗಿ ತಮ್ಮ ಮಾಹಿತಿ ಸಲ್ಲಿಸಲು ಅವಕಾಶ ಕಲ್ಪಿಸಲಾಗಿದೆ.
ಮಾಹಿತಿ ನಮೂದಿಸಲು ಸಾರ್ವಜನಿಕರು ತಮ್ಮ ಆಧಾರ್ ಕಾರ್ಡ್ ಅಥವಾ ಪಡಿತರ ಚೀಟಿ ಸಂಖ್ಯೆ ಅವಶ್ಯಕವಾಗಿದೆ. ಆನ್‌ಲೈನ್ ಲಿಂಕ್ https://schedulecastesurvey. karnataka.gov.in/selfdeclaration ಮೂಲಕ ಸಹ ಪರಿಶಿಷ್ಟ ಜಾತಿ ಕುಟುಂಬದವರು ಸ್ವಯಂ ಘೋಷಣೆ ಮಾಡಿಕೊಳ್ಳಲು ಜೂ.22 ರ ವರೆಗೆ ಕಾಲಾವಕಾಶ ವಿಸ್ತರಿಸಲಾಗಿದೆ ಎಂದು ಜಿಲ್ಲಾ ಸಮಾಜ ಕಲ್ಯಾಣ ಇಲಾಖೆಯ ಉಪನಿರ್ದೇಶಕರು ಪ್ರಕಟಣೆಯಲ್ಲಿ ತಿಳಿಸಿದ್ದಾರೆ.
